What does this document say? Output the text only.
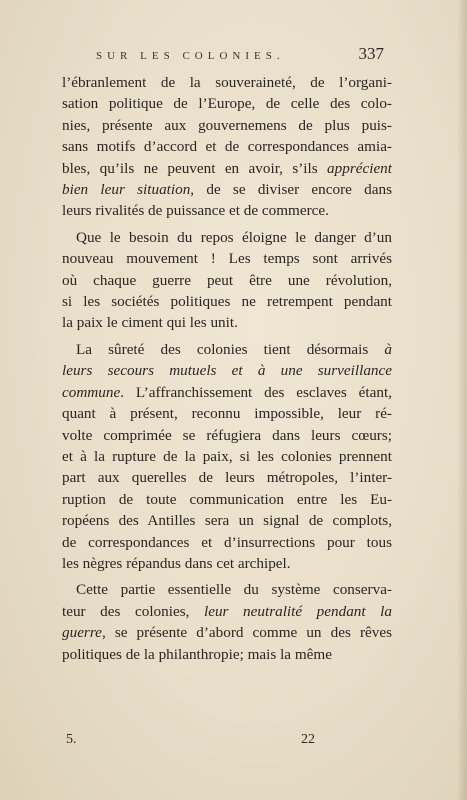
SUR LES COLONIES.	337
l’ébranlement de la souveraineté, de l’organi-
sation politique de l’Europe, de celle des colo-
nies, présente aux gouvernemens de plus puis-
sans motifs d’accord et de correspondances amia-
bles, qu’ils ne peuvent en avoir, s’ils apprécient
bien leur situation, de se diviser encore dans
leurs rivalités de puissance et de commerce.
Que le besoin du repos éloigne le danger d’un
nouveau mouvement ! Les temps sont arrivés
où chaque guerre peut être une révolution,
si les sociétés politiques ne retrempent pendant
la paix le ciment qui les unit.
La sûreté des colonies tient désormais à
leurs secours mutuels et à une surveillance
commune. L’affranchissement des esclaves étant,
quant à présent, reconnu impossible, leur ré-
volte comprimée se réfugiera dans leurs cœurs;
et à la rupture de la paix, si les colonies prennent
part aux querelles de leurs métropoles, l’inter-
ruption de toute communication entre les Eu-
ropéens des Antilles sera un signal de complots,
de correspondances et d’insurrections pour tous
les nègres répandus dans cet archipel.
Cette partie essentielle du système conserva-
teur des colonies, leur neutralité pendant la
guerre, se présente d’abord comme un des rêves
politiques de la philanthropie; mais la même
5.	22
